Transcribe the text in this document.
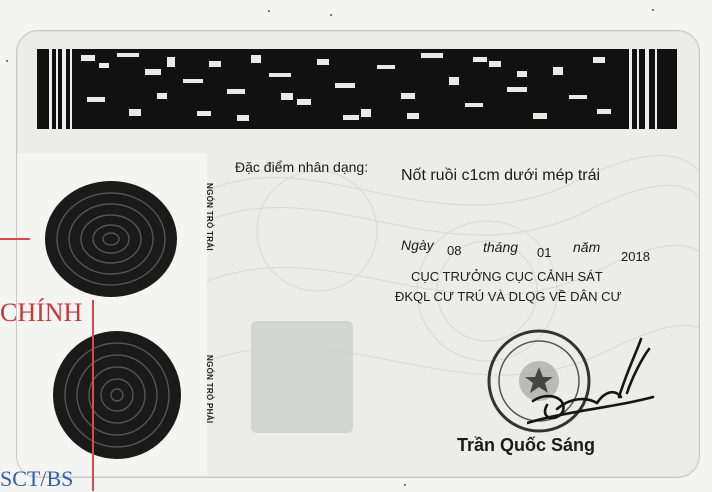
NGÓN TRỎ TRÁI
NGÓN TRỎ PHẢI
Đặc điểm nhân dạng: Nốt ruồi c1cm dưới mép trái
Ngày 08 tháng 01 năm
2018
CỤC TRƯỞNG CỤC CẢNH SÁT
ĐKQL CƯ TRÚ VÀ DLQG VỀ DÂN CƯ
Trần Quốc Sáng
CHÍNH
SCT/BS
